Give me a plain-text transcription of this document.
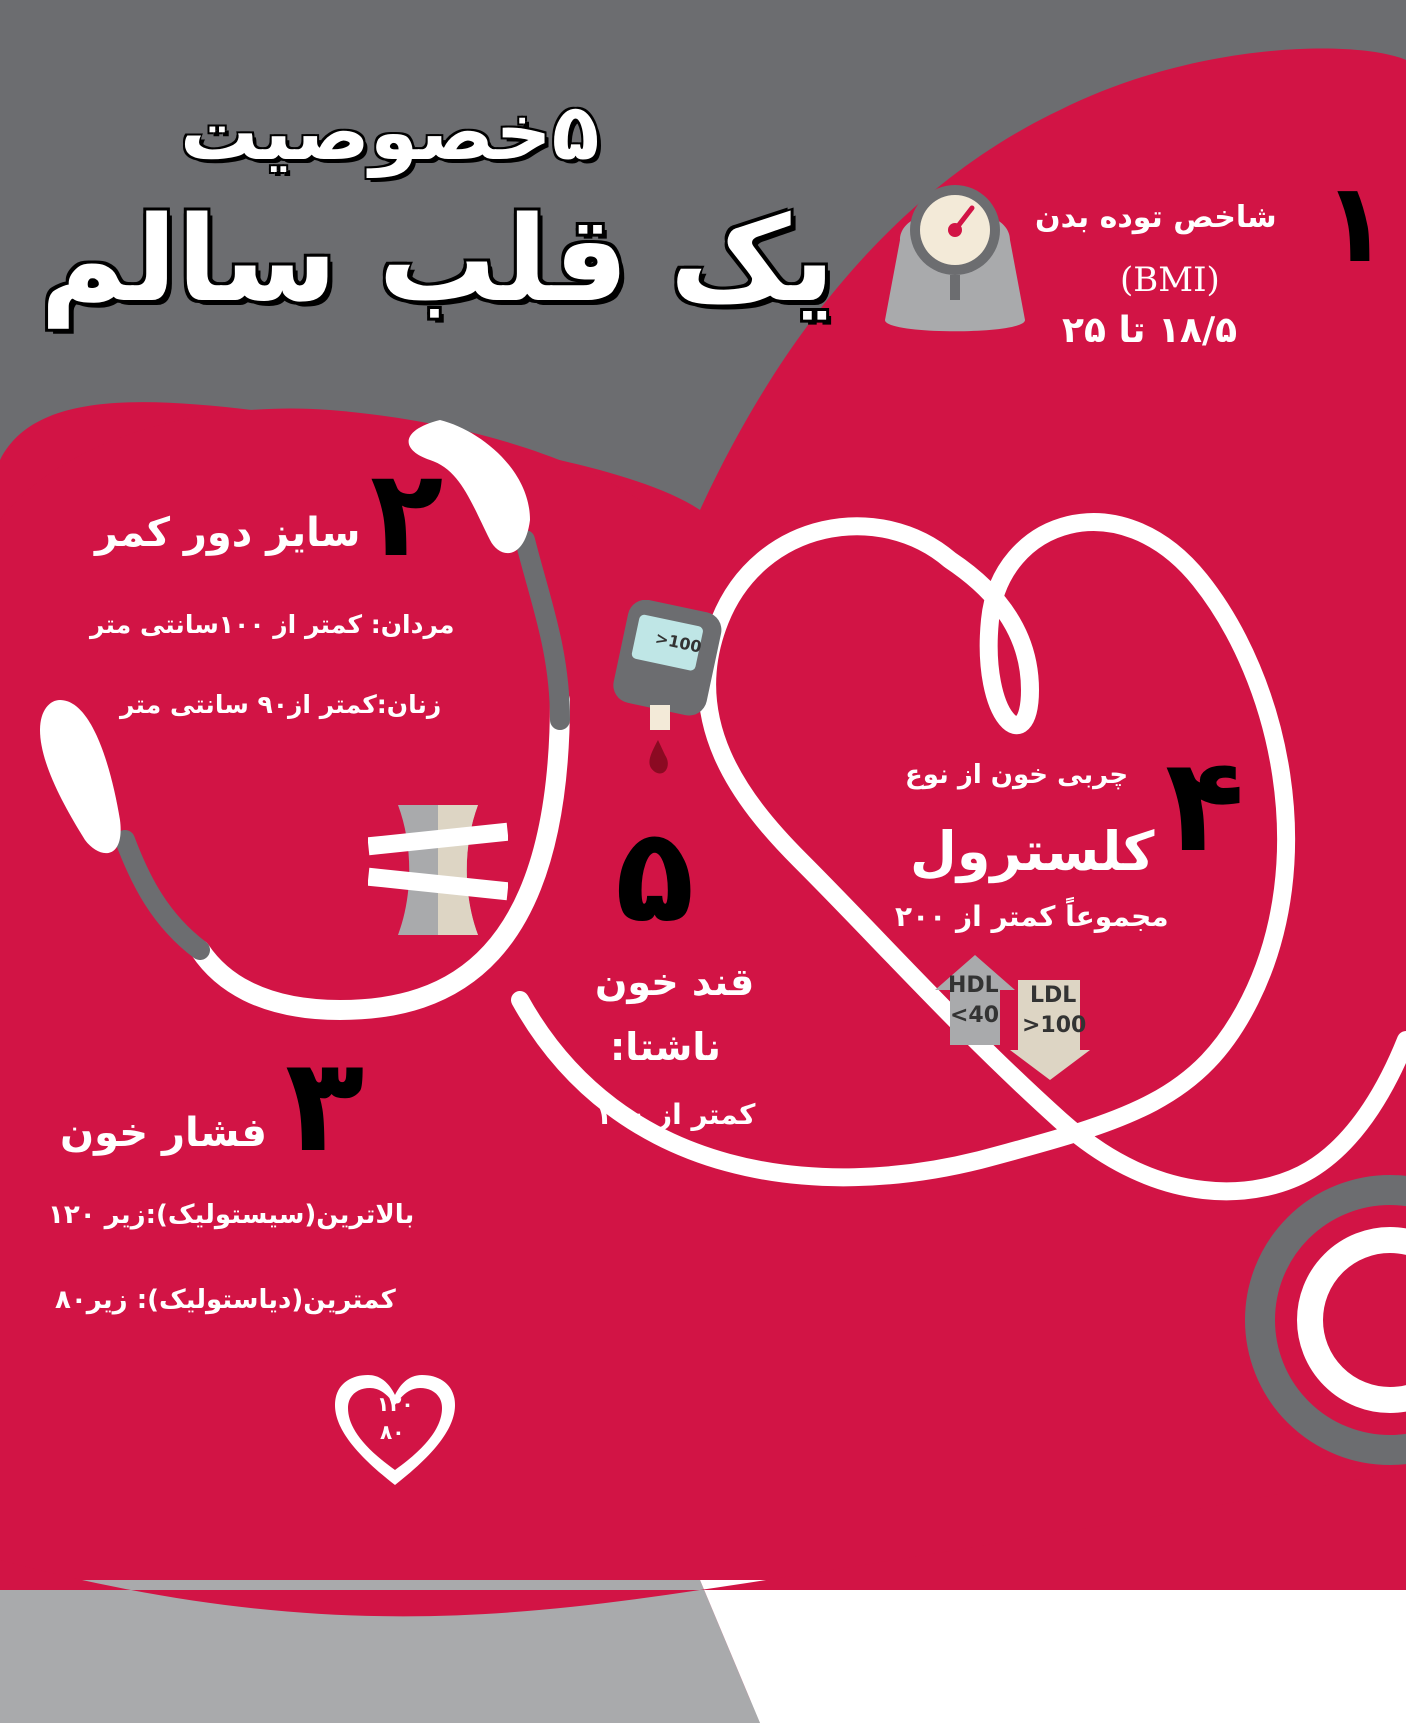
۵خصوصیت
یک قلب سالم	۱
شاخص توده بدن
(BMI)
۱۸/۵ تا ۲۵
۲
سایز دور کمر
مردان: کمتر از ۱۰۰سانتی متر
زنان:کمتر از۹۰ سانتی متر
۳
فشار خون
بالاترین(سیستولیک):زیر ۱۲۰
کمترین(دیاستولیک): زیر۸۰
۱۲۰
۸۰
۴
چربی خون از نوع
کلسترول
مجموعاً کمتر از ۲۰۰
HDL
<40
LDL
>100
۵
قند خون
ناشتا:
کمتر از ۱۰۰
>100
